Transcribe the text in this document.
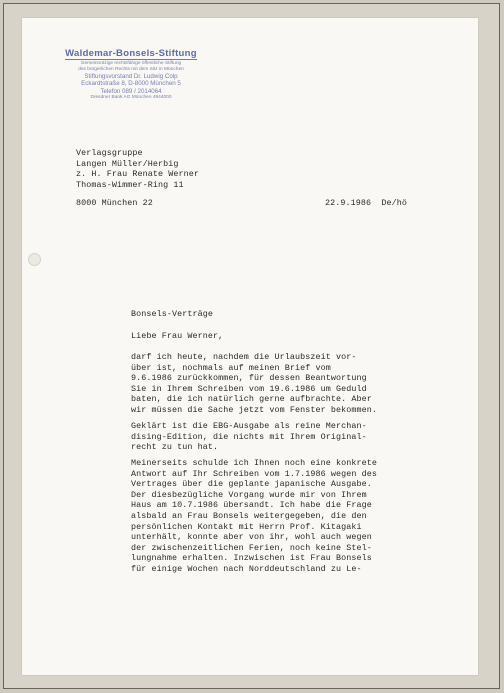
Waldemar-Bonsels-Stiftung
Gemeinnützige rechtsfähige öffentliche Stiftung
des bürgerlichen Rechts mit dem Sitz in München
Stiftungsvorstand Dr. Ludwig Colp
Eckardtstraße 8, D-8000 München 5
Telefon 089 / 2014064
Dresdner Bank AG München 4944000
Verlagsgruppe
Langen Müller/Herbig
z. H. Frau Renate Werner
Thomas-Wimmer-Ring 11
8000 München 22	22.9.1986  De/hö
Bonsels-Verträge
Liebe Frau Werner,
darf ich heute, nachdem die Urlaubszeit vor-
über ist, nochmals auf meinen Brief vom
9.6.1986 zurückkommen, für dessen Beantwortung
Sie in Ihrem Schreiben vom 19.6.1986 um Geduld
baten, die ich natürlich gerne aufbrachte. Aber
wir müssen die Sache jetzt vom Fenster bekommen.
Geklärt ist die EBG-Ausgabe als reine Merchan-
dising-Edition, die nichts mit Ihrem Original-
recht zu tun hat.
Meinerseits schulde ich Ihnen noch eine konkrete
Antwort auf Ihr Schreiben vom 1.7.1986 wegen des
Vertrages über die geplante japanische Ausgabe.
Der diesbezügliche Vorgang wurde mir von Ihrem
Haus am 10.7.1986 übersandt. Ich habe die Frage
alsbald an Frau Bonsels weitergegeben, die den
persönlichen Kontakt mit Herrn Prof. Kitagaki
unterhält, konnte aber von ihr, wohl auch wegen
der zwischenzeitlichen Ferien, noch keine Stel-
lungnahme erhalten. Inzwischen ist Frau Bonsels
für einige Wochen nach Norddeutschland zu Le-
